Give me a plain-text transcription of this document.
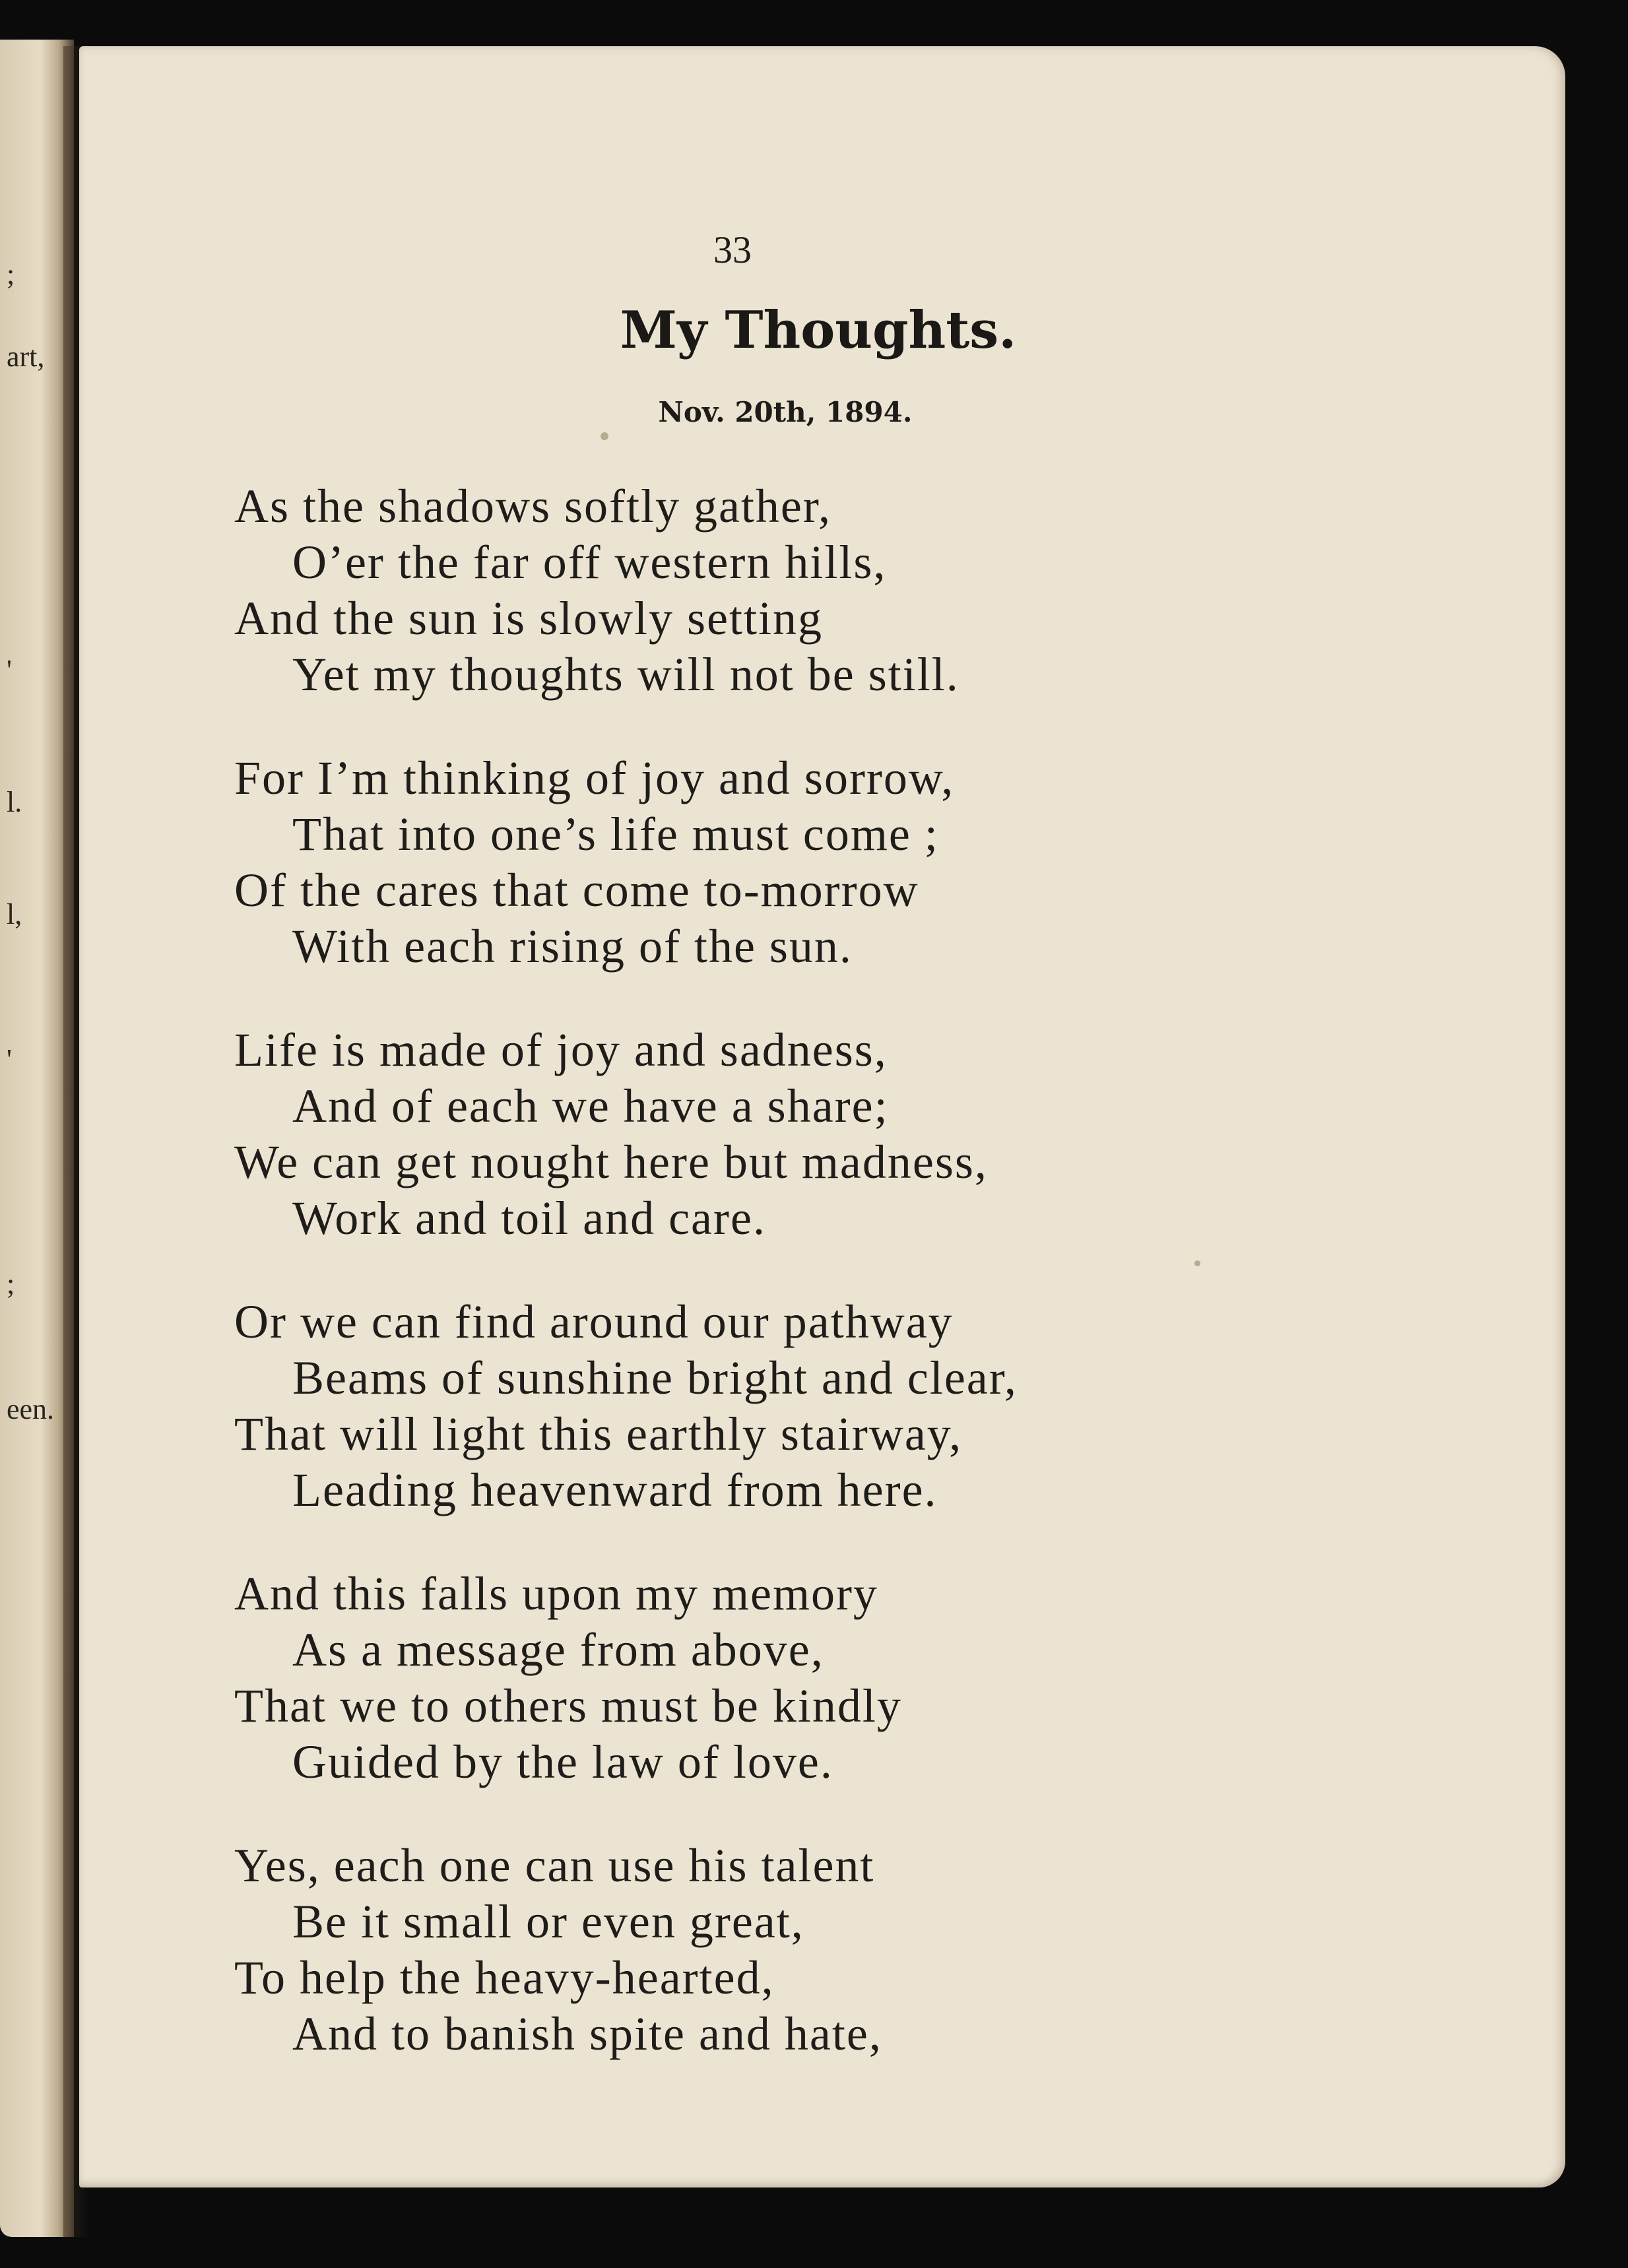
;
art,
'
l.
l,
'
;
een.
33
My Thoughts.
Nov. 20th, 1894.
As the shadows softly gather,
O’er the far off western hills,
And the sun is slowly setting
Yet my thoughts will not be still.
For I’m thinking of joy and sorrow,
That into one’s life must come ;
Of the cares that come to-morrow
With each rising of the sun.
Life is made of joy and sadness,
And of each we have a share;
We can get nought here but madness,
Work and toil and care.
Or we can find around our pathway
Beams of sunshine bright and clear,
That will light this earthly stairway,
Leading heavenward from here.
And this falls upon my memory
As a message from above,
That we to others must be kindly
Guided by the law of love.
Yes, each one can use his talent
Be it small or even great,
To help the heavy-hearted,
And to banish spite and hate,
